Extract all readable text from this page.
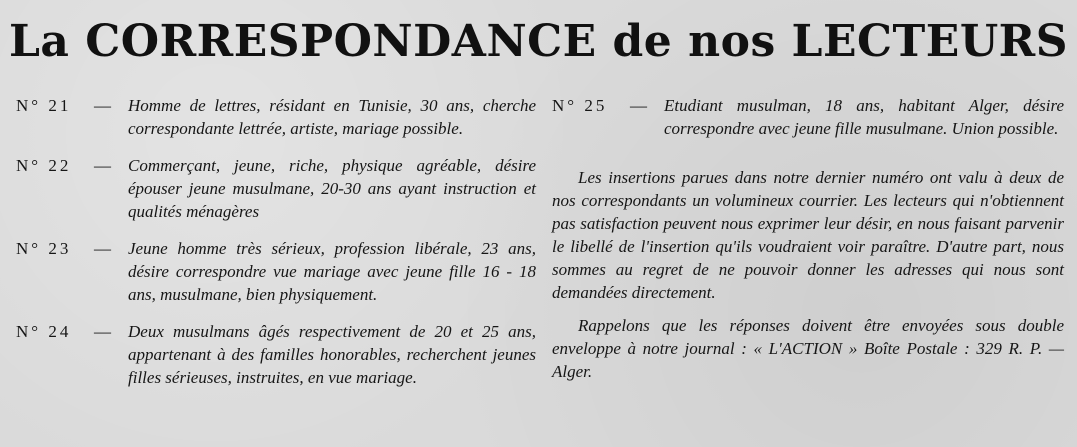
La CORRESPONDANCE de nos LECTEURS
N° 21	—	Homme de lettres, résidant en Tunisie, 30 ans, cherche correspondante lettrée, artiste, mariage possible.
N° 22	—	Commerçant, jeune, riche, physique agréable, désire épouser jeune musulmane, 20-30 ans ayant instruction et qualités ménagères
N° 23	—	Jeune homme très sérieux, profession libérale, 23 ans, désire correspondre vue mariage avec jeune fille 16 - 18 ans, musulmane, bien physiquement.
N° 24	—	Deux musulmans âgés respectivement de 20 et 25 ans, appartenant à des familles honorables, recherchent jeunes filles sérieuses, instruites, en vue mariage.
N° 25	—	Etudiant musulman, 18 ans, habitant Alger, désire correspondre avec jeune fille musulmane. Union possible.

Les insertions parues dans notre dernier numéro ont valu à deux de nos correspondants un volumineux courrier. Les lecteurs qui n'obtiennent pas satisfaction peuvent nous exprimer leur désir, en nous faisant parvenir le libellé de l'insertion qu'ils voudraient voir paraître. D'autre part, nous sommes au regret de ne pouvoir donner les adresses qui nous sont demandées directement.

Rappelons que les réponses doivent être envoyées sous double enveloppe à notre journal : « L'ACTION » Boîte Postale : 329 R. P. — Alger.
